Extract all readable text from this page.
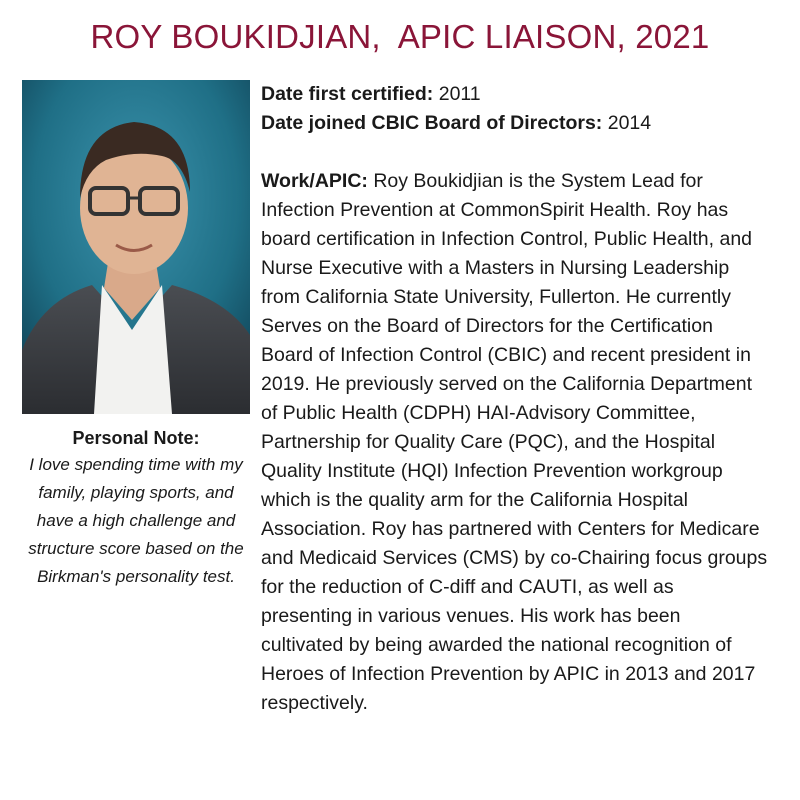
ROY BOUKIDJIAN,  APIC LIAISON, 2021
Personal Note:
I love spending time with my
family, playing sports, and
have a high challenge and
structure score based on the
Birkman's personality test.
Date first certified: 2011
Date joined CBIC Board of Directors: 2014
Work/APIC: Roy Boukidjian is the System Lead for
Infection Prevention at CommonSpirit Health. Roy has
board certification in Infection Control, Public Health, and
Nurse Executive with a Masters in Nursing Leadership
from California State University, Fullerton. He currently
Serves on the Board of Directors for the Certification
Board of Infection Control (CBIC) and recent president in
2019. He previously served on the California Department
of Public Health (CDPH) HAI-Advisory Committee,
Partnership for Quality Care (PQC), and the Hospital
Quality Institute (HQI) Infection Prevention workgroup
which is the quality arm for the California Hospital
Association. Roy has partnered with Centers for Medicare
and Medicaid Services (CMS) by co-Chairing focus groups
for the reduction of C-diff and CAUTI, as well as
presenting in various venues. His work has been
cultivated by being awarded the national recognition of
Heroes of Infection Prevention by APIC in 2013 and 2017
respectively.
